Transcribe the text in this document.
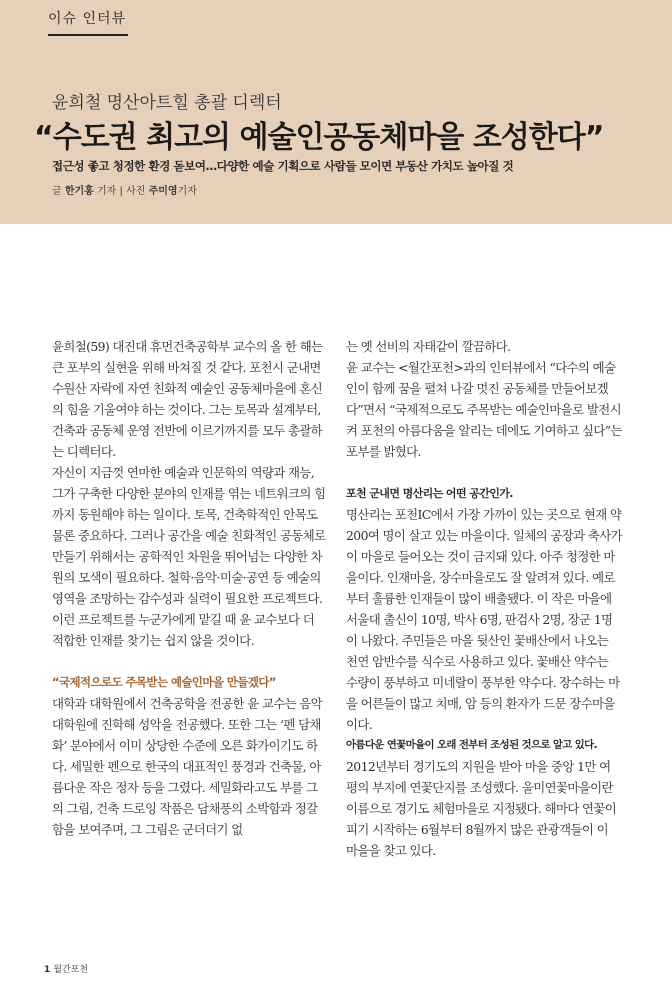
이슈 인터뷰
윤희철 명산아트힐 총괄 디렉터
“수도권 최고의 예술인공동체마을 조성한다”
접근성 좋고 청정한 환경 돋보여…다양한 예술 기획으로 사람들 모이면 부동산 가치도 높아질 것
글 한기홍 기자 | 사진 주미영기자

윤희철(59) 대진대 휴먼건축공학부 교수의 올 한 해는 큰 포부의 실현을 위해 바쳐질 것 같다. 포천시 군내면 수원산 자락에 자연 친화적 예술인 공동체마을에 혼신의 힘을 기울여야 하는 것이다. 그는 토목과 설계부터, 건축과 공동체 운영 전반에 이르기까지를 모두 총괄하는 디렉터다.

자신이 지금껏 연마한 예술과 인문학의 역량과 재능, 그가 구축한 다양한 분야의 인재를 엮는 네트워크의 힘까지 동원해야 하는 일이다. 토목, 건축학적인 안목도 물론 중요하다. 그러나 공간을 예술 친화적인 공동체로 만들기 위해서는 공학적인 차원을 뛰어넘는 다양한 차원의 모색이 필요하다. 철학·음악·미술·공연 등 예술의 영역을 조망하는 감수성과 실력이 필요한 프로젝트다. 이런 프로젝트를 누군가에게 맡길 때 윤 교수보다 더 적합한 인재를 찾기는 쉽지 않을 것이다.

“국제적으로도 주목받는 예술인마을 만들겠다”

대학과 대학원에서 건축공학을 전공한 윤 교수는 음악대학원에 진학해 성악을 전공했다. 또한 그는 ‘펜 담채화’ 분야에서 이미 상당한 수준에 오른 화가이기도 하다. 세밀한 펜으로 한국의 대표적인 풍경과 건축물, 아름다운 작은 정자 등을 그렸다. 세밀화라고도 부를 그의 그림, 건축 드로잉 작품은 담채풍의 소박함과 정갈함을 보여주며, 그 그림은 군더더기 없

는 옛 선비의 자태같이 깔끔하다.

윤 교수는 <월간포천>과의 인터뷰에서 “다수의 예술인이 함께 꿈을 펼쳐 나갈 멋진 공동체를 만들어보겠다”면서 “국제적으로도 주목받는 예술인마을로 발전시켜 포천의 아름다움을 알리는 데에도 기여하고 싶다”는 포부를 밝혔다.

포천 군내면 명산리는 어떤 공간인가.

명산리는 포천IC에서 가장 가까이 있는 곳으로 현재 약 200여 명이 살고 있는 마을이다. 일체의 공장과 축사가 이 마을로 들어오는 것이 금지돼 있다. 아주 청정한 마을이다. 인재마을, 장수마을로도 잘 알려져 있다. 예로부터 훌륭한 인재들이 많이 배출됐다. 이 작은 마을에 서울대 출신이 10명, 박사 6명, 판검사 2명, 장군 1명이 나왔다. 주민들은 마을 뒷산인 꽃배산에서 나오는 천연 암반수를 식수로 사용하고 있다. 꽃배산 약수는 수량이 풍부하고 미네랄이 풍부한 약수다. 장수하는 마을 어른들이 많고 치매, 암 등의 환자가 드문 장수마을이다.

아름다운 연꽃마을이 오래 전부터 조성된 것으로 알고 있다.

2012년부터 경기도의 지원을 받아 마을 중앙 1만 여 평의 부지에 연꽃단지를 조성했다. 울미연꽃마을이란 이름으로 경기도 체험마을로 지정됐다. 해마다 연꽃이 피기 시작하는 6월부터 8월까지 많은 관광객들이 이 마을을 찾고 있다.

1 월간포천
